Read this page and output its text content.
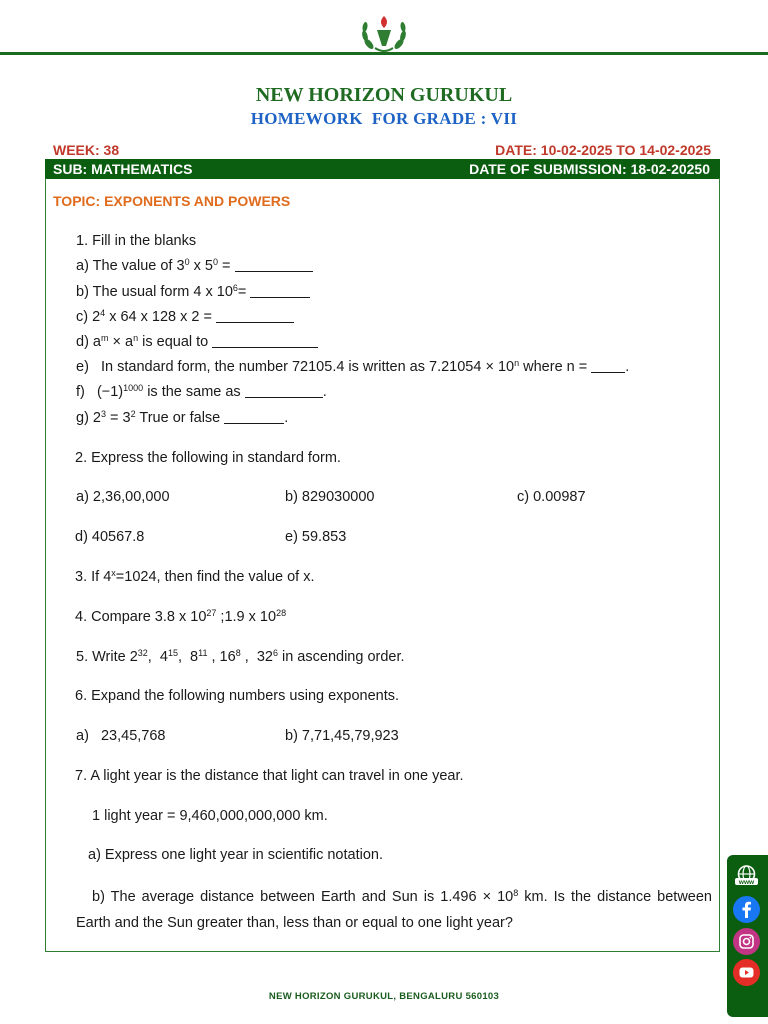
NEW HORIZON GURUKUL
HOMEWORK  FOR GRADE : VII
WEEK: 38	DATE: 10-02-2025 TO 14-02-2025
SUB: MATHEMATICS	DATE OF SUBMISSION: 18-02-20250
TOPIC: EXPONENTS AND POWERS
1. Fill in the blanks
a) The value of $3^0$ x $5^0$ =
b) The usual form 4 x $10^6=$
c) $2^4$ x 64 x 128 x 2 =
d) $a^m \times a^n$ is equal to
e)   In standard form, the number 72105.4 is written as $7.21054 \times 10^n$ where n = .
f)   $(-1)^{1000}$ is the same as	.
g) $2^3 = 3^2$ True or false	.
2. Express the following in standard form.
a) 2,36,00,000	b) 829030000	c) 0.00987
d) 40567.8	e) 59.853
3. If $4^x=1024$, then find the value of x.
4. Compare 3.8 x $10^{27}$ ;1.9 x $10^{28}$
5. Write $2^{32}$,  $4^{15}$,  $8^{11}$ , $16^8$ ,  $32^6$ in ascending order.
6. Expand the following numbers using exponents.
a)   23,45,768	b) 7,71,45,79,923
7. A light year is the distance that light can travel in one year.
1 light year = 9,460,000,000,000 km.
a) Express one light year in scientific notation.
b) The average distance between Earth and Sun is $1.496 \times 10^8$ km. Is the distance between Earth and the Sun greater than, less than or equal to one light year?
NEW HORIZON GURUKUL, BENGALURU 560103
www
